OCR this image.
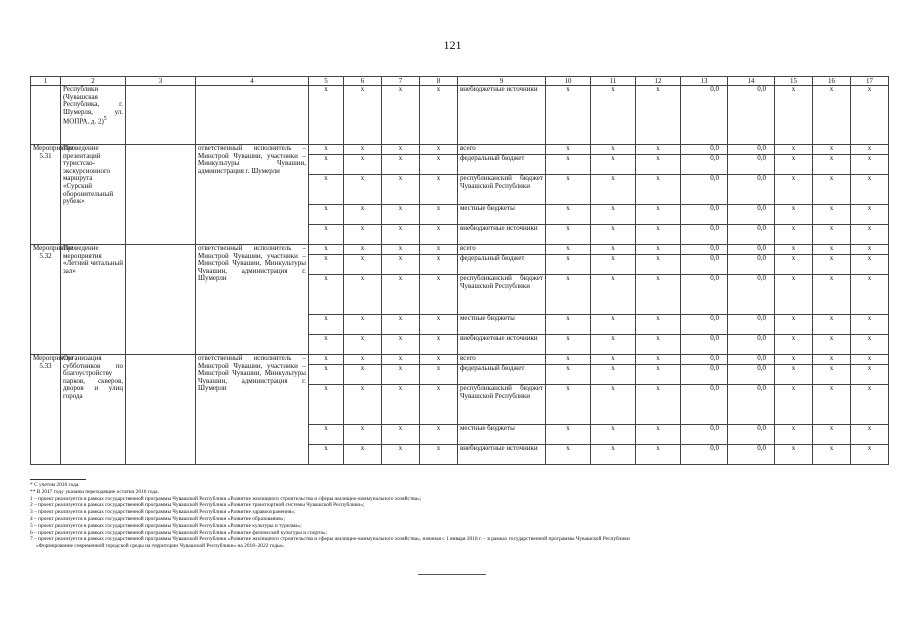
121
1	2	3	4	5	6	7	8	9	10	11	12	13	14	15	16	17
	Республики (Чувашская Республика, г. Шумерля, ул. МОПРА, д. 2)$^5$			x	x	x	x	внебюджетные источники	x	x	x	0,0	0,0	x	x	x
Мероприятие 5.31	Проведение презентаций туристско-экскурсионного маршрута «Сурский оборонительный рубеж»		ответственный исполнитель – Минстрой Чувашии, участники – Минкультуры Чувашии, администрация г. Шумерли	x	x	x	x	всего	x	x	x	0,0	0,0	x	x	x
				x	x	x	x	федеральный бюджет	x	x	x	0,0	0,0	x	x	x
				x	x	x	x	республиканский бюджет Чувашской Республики	x	x	x	0,0	0,0	x	x	x
				x	x	x	x	местные бюджеты	x	x	x	0,0	0,0	x	x	x
				x	x	x	x	внебюджетные источники	x	x	x	0,0	0,0	x	x	x
Мероприятие 5.32	Проведение мероприятия «Летний читальный зал»		ответственный исполнитель – Минстрой Чувашии, участники – Минстрой Чувашии, Минкультуры Чувашии, администрация г. Шумерли	x	x	x	x	всего	x	x	x	0,0	0,0	x	x	x
				x	x	x	x	федеральный бюджет	x	x	x	0,0	0,0	x	x	x
				x	x	x	x	республиканский бюджет Чувашской Республики	x	x	x	0,0	0,0	x	x	x
				x	x	x	x	местные бюджеты	x	x	x	0,0	0,0	x	x	x
				x	x	x	x	внебюджетные источники	x	x	x	0,0	0,0	x	x	x
Мероприятие 5.33	Организация субботников по благоустройству парков, скверов, дворов и улиц города		ответственный исполнитель – Минстрой Чувашии, участники – Минстрой Чувашии, Минкультуры Чувашии, администрация г. Шумерли	x	x	x	x	всего	x	x	x	0,0	0,0	x	x	x
				x	x	x	x	федеральный бюджет	x	x	x	0,0	0,0	x	x	x
				x	x	x	x	республиканский бюджет Чувашской Республики	x	x	x	0,0	0,0	x	x	x
				x	x	x	x	местные бюджеты	x	x	x	0,0	0,0	x	x	x
				x	x	x	x	внебюджетные источники	x	x	x	0,0	0,0	x	x	x
* С учетом 2016 года.
** В 2017 году указаны переходящие остатки 2016 года.
1 – проект реализуется в рамках государственной программы Чувашской Республики «Развитие жилищного строительства и сферы жилищно-коммунального хозяйства»;
2 – проект реализуется в рамках государственной программы Чувашской Республики «Развитие транспортной системы Чувашской Республики»;
3 – проект реализуется в рамках государственной программы Чувашской Республики «Развитие здравоохранения»;
4 – проект реализуется в рамках государственной программы Чувашской Республики «Развитие образования»;
5 – проект реализуется в рамках государственной программы Чувашской Республики «Развитие культуры и туризма»;
6 – проект реализуется в рамках государственной программы Чувашской Республики «Развитие физической культуры и спорта»;
7 – проект реализуется в рамках государственной программы Чувашской Республики «Развитие жилищного строительства и сферы жилищно-коммунального хозяйства», начиная с 1 января 2018 г. – в рамках государственной программы Чувашской Республики
«Формирование современной городской среды на территории Чувашской Республики» на 2018–2022 годы».
